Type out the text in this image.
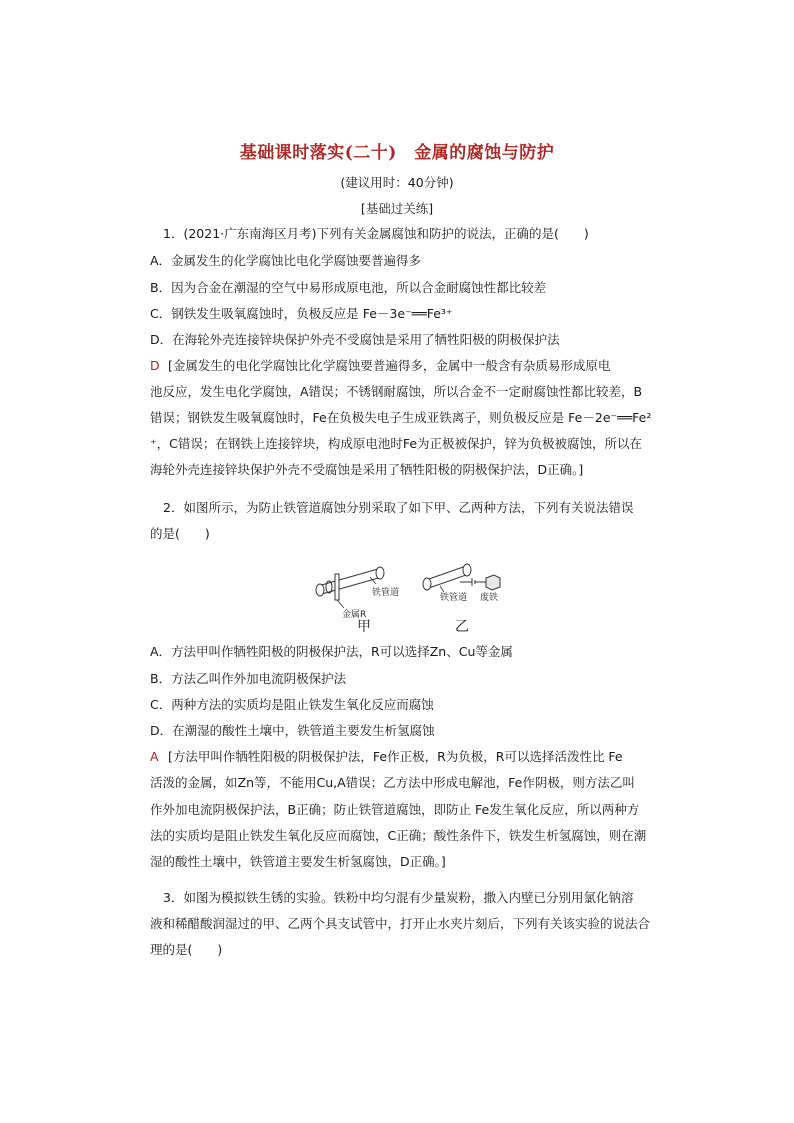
基础课时落实(二十)　金属的腐蚀与防护
(建议用时：40分钟)
[基础过关练]
1．(2021·广东南海区月考)下列有关金属腐蚀和防护的说法，正确的是(　　)
A．金属发生的化学腐蚀比电化学腐蚀要普遍得多
B．因为合金在潮湿的空气中易形成原电池，所以合金耐腐蚀性都比较差
C．钢铁发生吸氧腐蚀时，负极反应是 Fe－3e⁻══Fe³⁺
D．在海轮外壳连接锌块保护外壳不受腐蚀是采用了牺牲阳极的阴极保护法
D [金属发生的电化学腐蚀比化学腐蚀要普遍得多，金属中一般含有杂质易形成原电
池反应，发生电化学腐蚀，A错误；不锈钢耐腐蚀，所以合金不一定耐腐蚀性都比较差，B
错误；钢铁发生吸氧腐蚀时，Fe在负极失电子生成亚铁离子，则负极反应是 Fe－2e⁻══Fe²
⁺，C错误；在钢铁上连接锌块，构成原电池时Fe为正极被保护，锌为负极被腐蚀，所以在
海轮外壳连接锌块保护外壳不受腐蚀是采用了牺牲阳极的阴极保护法，D正确。]
2．如图所示，为防止铁管道腐蚀分别采取了如下甲、乙两种方法，下列有关说法错误
的是(　　)
金属R
铁管道	铁管道 废铁
甲	乙
A．方法甲叫作牺牲阳极的阴极保护法，R可以选择Zn、Cu等金属
B．方法乙叫作外加电流阴极保护法
C．两种方法的实质均是阻止铁发生氧化反应而腐蚀
D．在潮湿的酸性土壤中，铁管道主要发生析氢腐蚀
A [方法甲叫作牺牲阳极的阴极保护法，Fe作正极，R为负极，R可以选择活泼性比 Fe
活泼的金属，如Zn等，不能用Cu,A错误；乙方法中形成电解池，Fe作阴极，则方法乙叫
作外加电流阴极保护法，B正确；防止铁管道腐蚀，即防止 Fe发生氧化反应，所以两种方
法的实质均是阻止铁发生氧化反应而腐蚀，C正确；酸性条件下，铁发生析氢腐蚀，则在潮
湿的酸性土壤中，铁管道主要发生析氢腐蚀，D正确。]
3．如图为模拟铁生锈的实验。铁粉中均匀混有少量炭粉，撒入内壁已分别用氯化钠溶
液和稀醋酸润湿过的甲、乙两个具支试管中，打开止水夹片刻后，下列有关该实验的说法合
理的是(　　)
